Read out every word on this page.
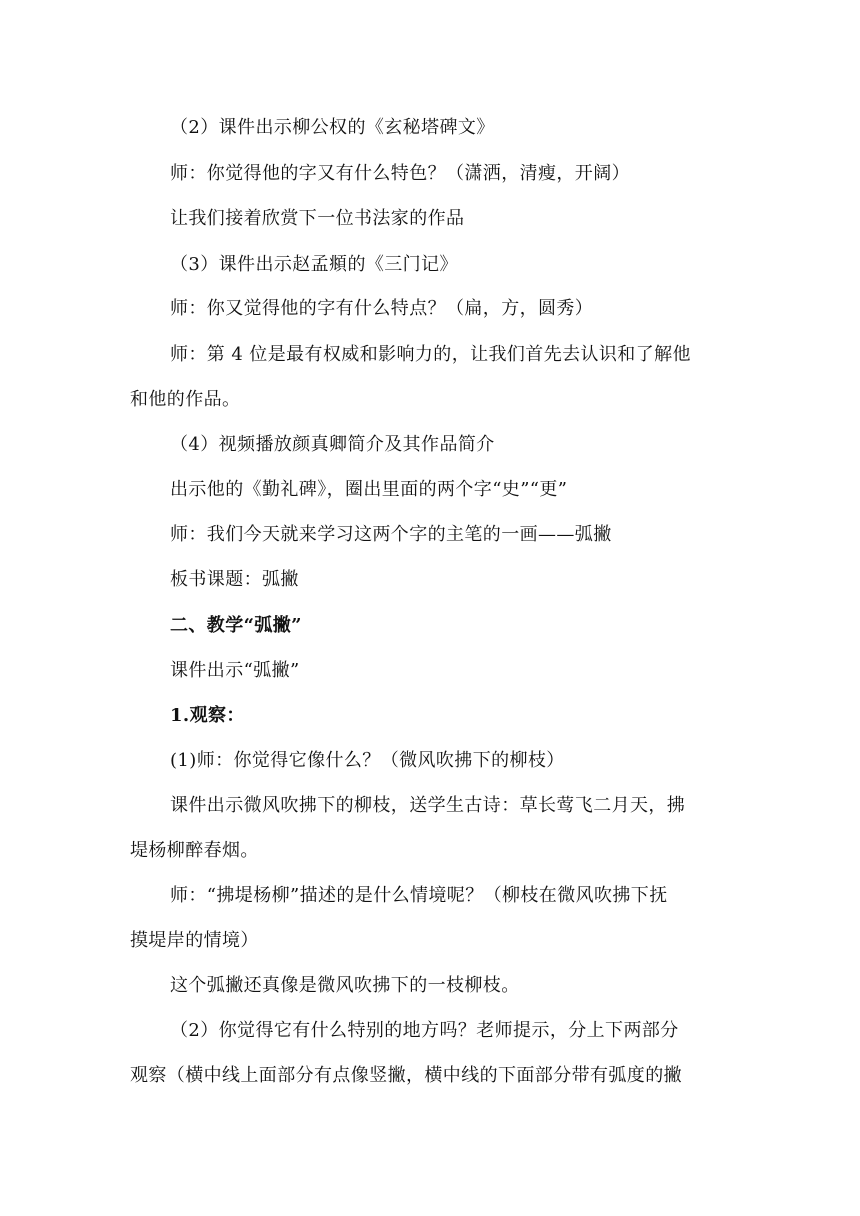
（2）课件出示柳公权的《玄秘塔碑文》
师：你觉得他的字又有什么特色？（潇洒，清瘦，开阔）
让我们接着欣赏下一位书法家的作品
（3）课件出示赵孟頫的《三门记》
师：你又觉得他的字有什么特点？（扁，方，圆秀）
师：第 4 位是最有权威和影响力的，让我们首先去认识和了解他
和他的作品。
（4）视频播放颜真卿简介及其作品简介
出示他的《勤礼碑》，圈出里面的两个字“史”“更”
师：我们今天就来学习这两个字的主笔的一画——弧撇
板书课题：弧撇
二、教学“弧撇”
课件出示“弧撇”
1.观察：
(1)师：你觉得它像什么？（微风吹拂下的柳枝）
课件出示微风吹拂下的柳枝，送学生古诗：草长莺飞二月天，拂
堤杨柳醉春烟。
师：“拂堤杨柳”描述的是什么情境呢？（柳枝在微风吹拂下抚
摸堤岸的情境）
这个弧撇还真像是微风吹拂下的一枝柳枝。
（2）你觉得它有什么特别的地方吗？老师提示，分上下两部分
观察（横中线上面部分有点像竖撇，横中线的下面部分带有弧度的撇
